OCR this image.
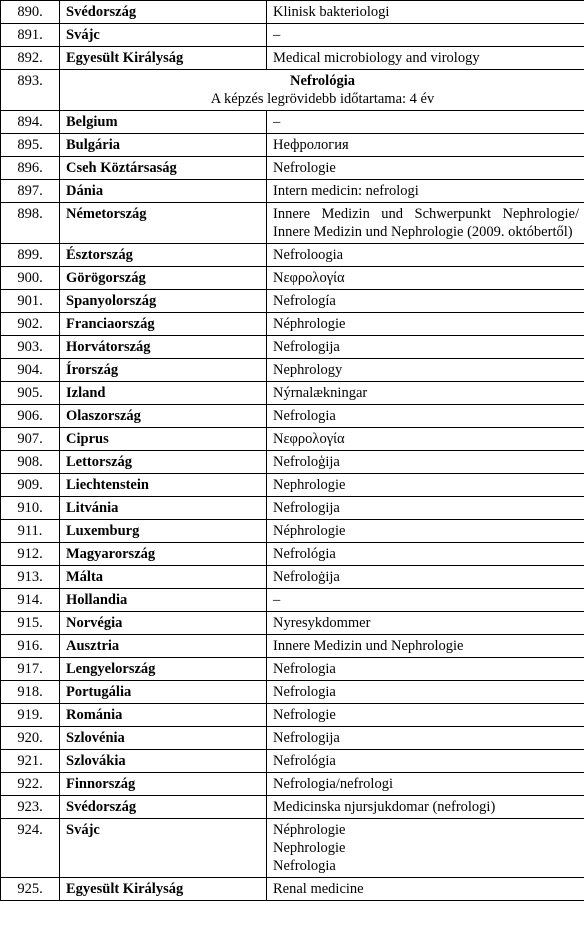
890.	Svédország	Klinisk bakteriologi
891.	Svájc	–
892.	Egyesült Királyság	Medical microbiology and virology
893.	Nefrológia
A képzés legrövidebb időtartama: 4 év	

894.	Belgium	–
895.	Bulgária	Нефрология
896.	Cseh Köztársaság	Nefrologie
897.	Dánia	Intern medicin: nefrologi
898.	Németország	Innere Medizin und Schwerpunkt Nephrologie/ Innere Medizin und Nephrologie (2009. októbertől)
899.	Észtország	Nefroloogia
900.	Görögország	Νεφρολογία
901.	Spanyolország	Nefrología
902.	Franciaország	Néphrologie
903.	Horvátország	Nefrologija
904.	Írország	Nephrology
905.	Izland	Nýrnalækningar
906.	Olaszország	Nefrologia
907.	Ciprus	Νεφρολογία
908.	Lettország	Nefroloģija
909.	Liechtenstein	Nephrologie
910.	Litvánia	Nefrologija
911.	Luxemburg	Néphrologie
912.	Magyarország	Nefrológia
913.	Málta	Nefroloġija
914.	Hollandia	–
915.	Norvégia	Nyresykdommer
916.	Ausztria	Innere Medizin und Nephrologie
917.	Lengyelország	Nefrologia
918.	Portugália	Nefrologia
919.	Románia	Nefrologie
920.	Szlovénia	Nefrologija
921.	Szlovákia	Nefrológia
922.	Finnország	Nefrologia/nefrologi
923.	Svédország	Medicinska njursjukdomar (nefrologi)
924.	Svájc	Néphrologie
Nephrologie
Nefrologia

925.	Egyesült Királyság	Renal medicine
